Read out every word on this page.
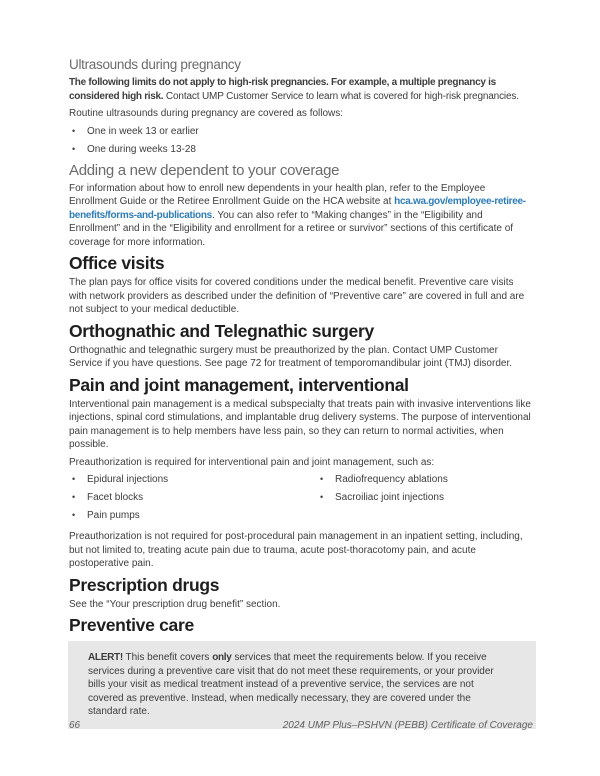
Ultrasounds during pregnancy

The following limits do not apply to high-risk pregnancies. For example, a multiple pregnancy is considered high risk. Contact UMP Customer Service to learn what is covered for high-risk pregnancies.

Routine ultrasounds during pregnancy are covered as follows:

•	One in week 13 or earlier
•	One during weeks 13-28
Adding a new dependent to your coverage

For information about how to enroll new dependents in your health plan, refer to the Employee Enrollment Guide or the Retiree Enrollment Guide on the HCA website at hca.wa.gov/employee-retiree-benefits/forms-and-publications. You can also refer to “Making changes” in the “Eligibility and Enrollment” and in the “Eligibility and enrollment for a retiree or survivor” sections of this certificate of coverage for more information.

Office visits

The plan pays for office visits for covered conditions under the medical benefit. Preventive care visits with network providers as described under the definition of “Preventive care” are covered in full and are not subject to your medical deductible.

Orthognathic and Telegnathic surgery

Orthognathic and telegnathic surgery must be preauthorized by the plan. Contact UMP Customer Service if you have questions. See page 72 for treatment of temporomandibular joint (TMJ) disorder.

Pain and joint management, interventional

Interventional pain management is a medical subspecialty that treats pain with invasive interventions like injections, spinal cord stimulations, and implantable drug delivery systems. The purpose of interventional pain management is to help members have less pain, so they can return to normal activities, when possible.

Preauthorization is required for interventional pain and joint management, such as:

•	Epidural injections
•	Facet blocks
•	Pain pumps
•	Radiofrequency ablations
•	Sacroiliac joint injections

Preauthorization is not required for post-procedural pain management in an inpatient setting, including, but not limited to, treating acute pain due to trauma, acute post-thoracotomy pain, and acute postoperative pain.

Prescription drugs

See the “Your prescription drug benefit” section.

Preventive care
ALERT! This benefit covers only services that meet the requirements below. If you receive services during a preventive care visit that do not meet these requirements, or your provider bills your visit as medical treatment instead of a preventive service, the services are not covered as preventive. Instead, when medically necessary, they are covered under the standard rate.
66	2024 UMP Plus–PSHVN (PEBB) Certificate of Coverage
